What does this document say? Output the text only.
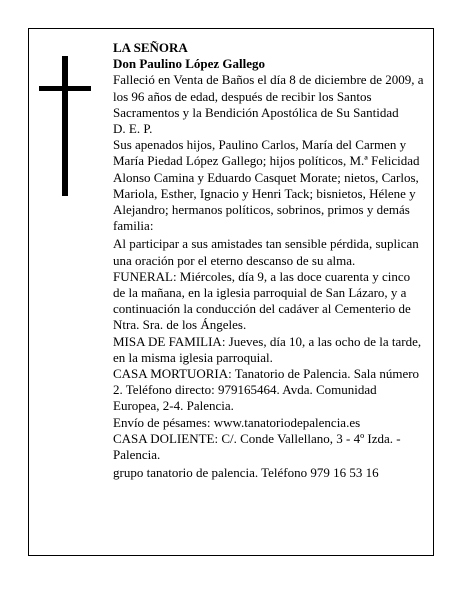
LA SEÑORA

Don Paulino López Gallego

Falleció en Venta de Baños el día 8 de diciembre de 2009, a los 96 años de edad, después de recibir los Santos Sacramentos y la Bendición Apostólica de Su Santidad

D. E. P.

Sus apenados hijos, Paulino Carlos, María del Carmen y María Piedad López Gallego; hijos políticos, M.ª Felicidad Alonso Camina y Eduardo Casquet Morate; nietos, Carlos, Mariola, Esther, Ignacio y Henri Tack; bisnietos, Hélene y Alejandro; hermanos políticos, sobrinos, primos y demás familia:

Al participar a sus amistades tan sensible pérdida, suplican una oración por el eterno descanso de su alma.

FUNERAL: Miércoles, día 9, a las doce cuarenta y cinco de la mañana, en la iglesia parroquial de San Lázaro, y a continuación la conducción del cadáver al Cementerio de Ntra. Sra. de los Ángeles.

MISA DE FAMILIA: Jueves, día 10, a las ocho de la tarde, en la misma iglesia parroquial.

CASA MORTUORIA: Tanatorio de Palencia. Sala número 2. Teléfono directo: 979165464. Avda. Comunidad Europea, 2-4. Palencia.

Envío de pésames: www.tanatoriodepalencia.es

CASA DOLIENTE: C/. Conde Vallellano, 3 - 4º Izda. - Palencia.

grupo tanatorio de palencia. Teléfono 979 16 53 16
